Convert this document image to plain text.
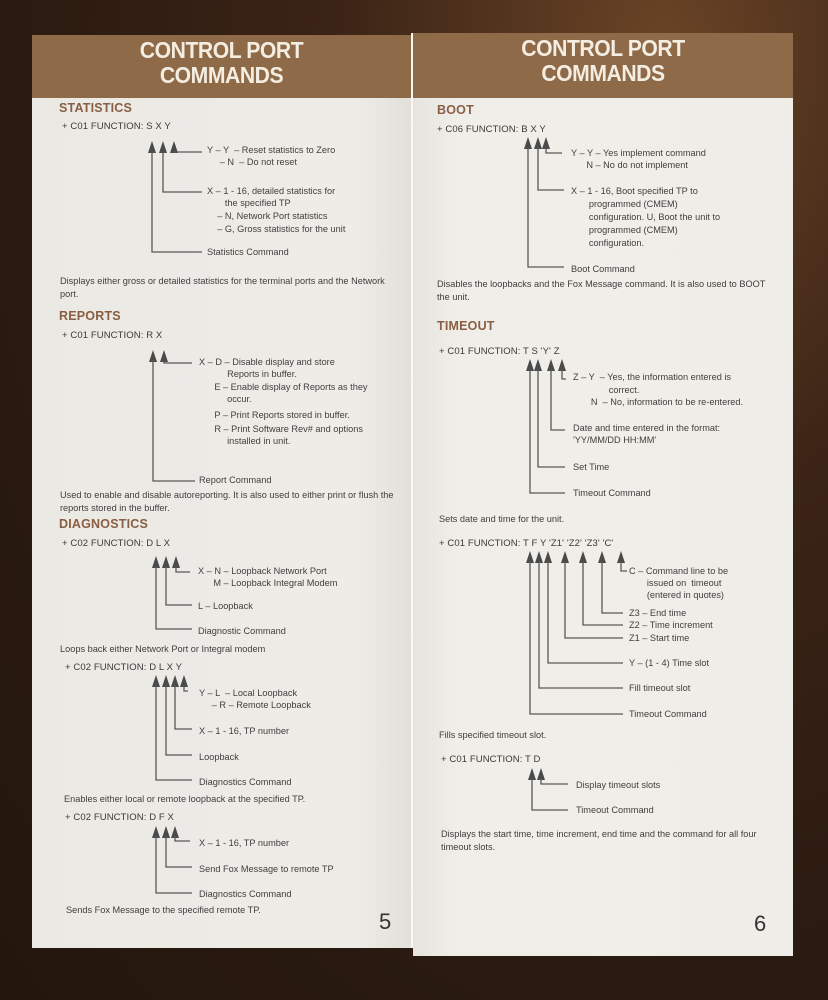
CONTROL PORT
COMMANDS
STATISTICS
+ C01 FUNCTION: S X Y
Y – Y  – Reset statistics to Zero
– N  – Do not reset
X – 1 - 16, detailed statistics for
the specified TP
– N, Network Port statistics
– G, Gross statistics for the unit
Statistics Command
Displays either gross or detailed statistics for the terminal ports and the Network port.
REPORTS
+ C01 FUNCTION: R X
X – D – Disable display and store
Reports in buffer.
E – Enable display of Reports as they
occur.
P – Print Reports stored in buffer.
R – Print Software Rev# and options
installed in unit.
Report Command
Used to enable and disable autoreporting. It is also used to either print or flush the reports stored in the buffer.
DIAGNOSTICS
+ C02 FUNCTION: D L X
X – N – Loopback Network Port
M – Loopback Integral Modem
L – Loopback
Diagnostic Command
Loops back either Network Port or Integral modem
+ C02 FUNCTION: D L X Y
Y – L  – Local Loopback
– R – Remote Loopback
X – 1 - 16, TP number
Loopback
Diagnostics Command
Enables either local or remote loopback at the specified TP.
+ C02 FUNCTION: D F X
X – 1 - 16, TP number
Send Fox Message to remote TP
Diagnostics Command
Sends Fox Message to the specified remote TP.	5
CONTROL PORT
COMMANDS
BOOT
+ C06 FUNCTION: B X Y
Y – Y – Yes implement command
N – No do not implement
X – 1 - 16, Boot specified TP to
programmed (CMEM)
configuration. U, Boot the unit to
programmed (CMEM)
configuration.
Boot Command
Disables the loopbacks and the Fox Message command. It is also used to BOOT the unit.
TIMEOUT
+ C01 FUNCTION: T S 'Y' Z
Z – Y  – Yes, the information entered is
correct.
N  – No, information to be re-entered.
Date and time entered in the format:
'YY/MM/DD HH:MM'
Set Time
Timeout Command
Sets date and time for the unit.
+ C01 FUNCTION: T F Y 'Z1' 'Z2' 'Z3' 'C'
C – Command line to be
issued on  timeout
(entered in quotes)
Z3 – End time
Z2 – Time increment
Z1 – Start time
Y – (1 - 4) Time slot
Fill timeout slot
Timeout Command
Fills specified timeout slot.
+ C01 FUNCTION: T D
Display timeout slots
Timeout Command
Displays the start time, time increment, end time and the command for all four timeout slots.
6
